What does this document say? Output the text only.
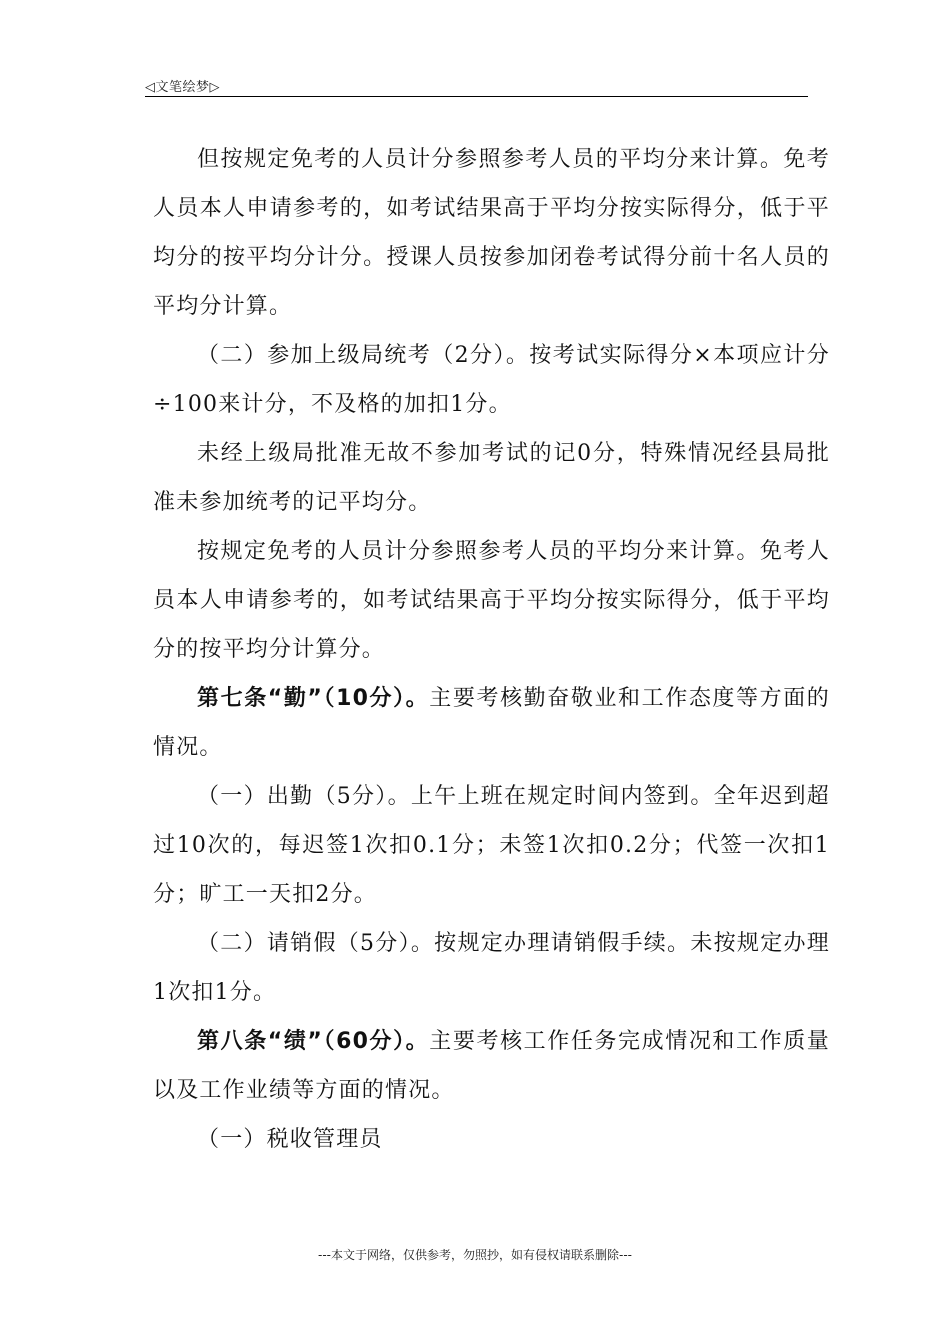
◁文笔绘梦▷

但按规定免考的人员计分参照参考人员的平均分来计算。免考人员本人申请参考的，如考试结果高于平均分按实际得分，低于平均分的按平均分计分。授课人员按参加闭卷考试得分前十名人员的平均分计算。

（二）参加上级局统考（2分）。按考试实际得分×本项应计分÷100来计分，不及格的加扣1分。

未经上级局批准无故不参加考试的记0分，特殊情况经县局批准未参加统考的记平均分。

按规定免考的人员计分参照参考人员的平均分来计算。免考人员本人申请参考的，如考试结果高于平均分按实际得分，低于平均分的按平均分计算分。

第七条“勤”（10分）。主要考核勤奋敬业和工作态度等方面的情况。

（一）出勤（5分）。上午上班在规定时间内签到。全年迟到超过10次的，每迟签1次扣0.1分；未签1次扣0.2分；代签一次扣1分；旷工一天扣2分。

（二）请销假（5分）。按规定办理请销假手续。未按规定办理1次扣1分。

第八条“绩”（60分）。主要考核工作任务完成情况和工作质量以及工作业绩等方面的情况。

（一）税收管理员

---本文于网络，仅供参考，勿照抄，如有侵权请联系删除---
